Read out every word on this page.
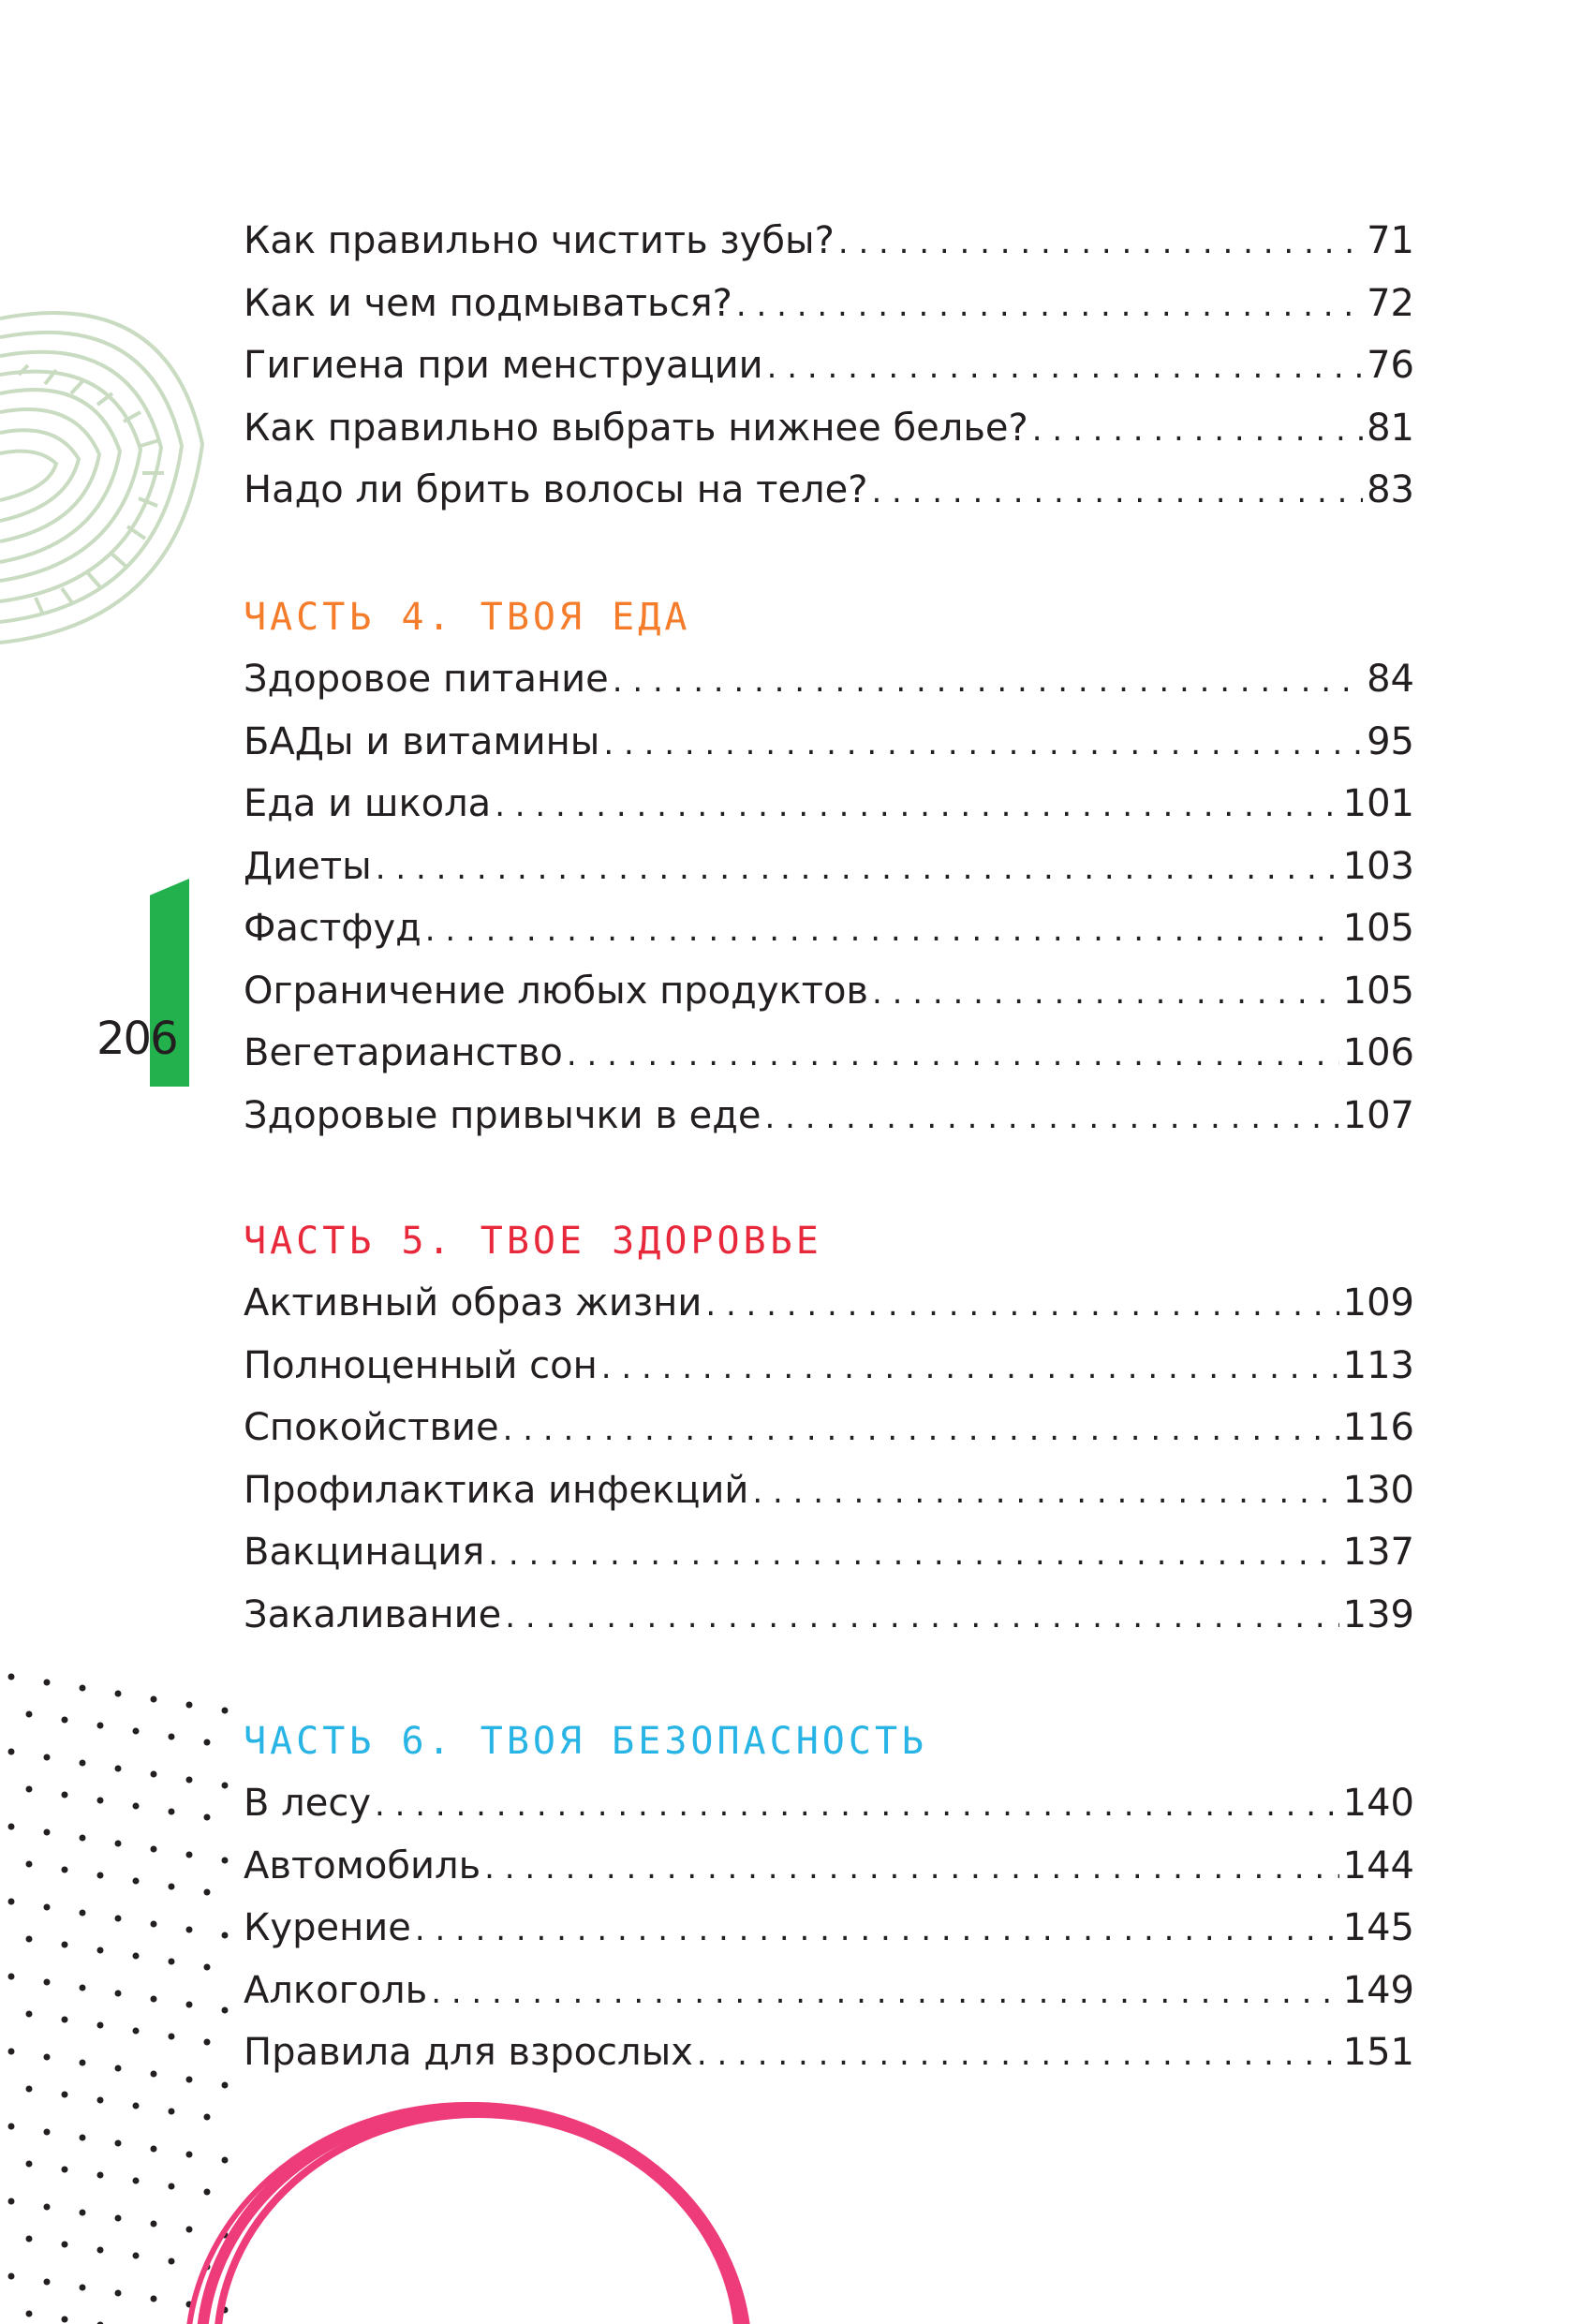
206
Как правильно чистить зубы? . . .	71
Как и чем подмываться? . . .	72
Гигиена при менструации . . .	76
Как правильно выбрать нижнее белье? . . .	81
Надо ли брить волосы на теле? . . .	83
ЧАСТЬ 4. ТВОЯ ЕДА
Здоровое питание . . .	84
БАДы и витамины . . .	95
Еда и школа . . .	101
Диеты . . .	103
Фастфуд . . .	105
Ограничение любых продуктов . . .	105
Вегетарианство . . .	106
Здоровые привычки в еде . . .	107
ЧАСТЬ 5. ТВОЕ ЗДОРОВЬЕ
Активный образ жизни . . .	109
Полноценный сон . . .	113
Спокойствие . . .	116
Профилактика инфекций . . .	130
Вакцинация . . .	137
Закаливание . . .	139
ЧАСТЬ 6. ТВОЯ БЕЗОПАСНОСТЬ
В лесу . . .	140
Автомобиль . . .	144
Курение . . .	145
Алкоголь . . .	149
Правила для взрослых . . .	151
